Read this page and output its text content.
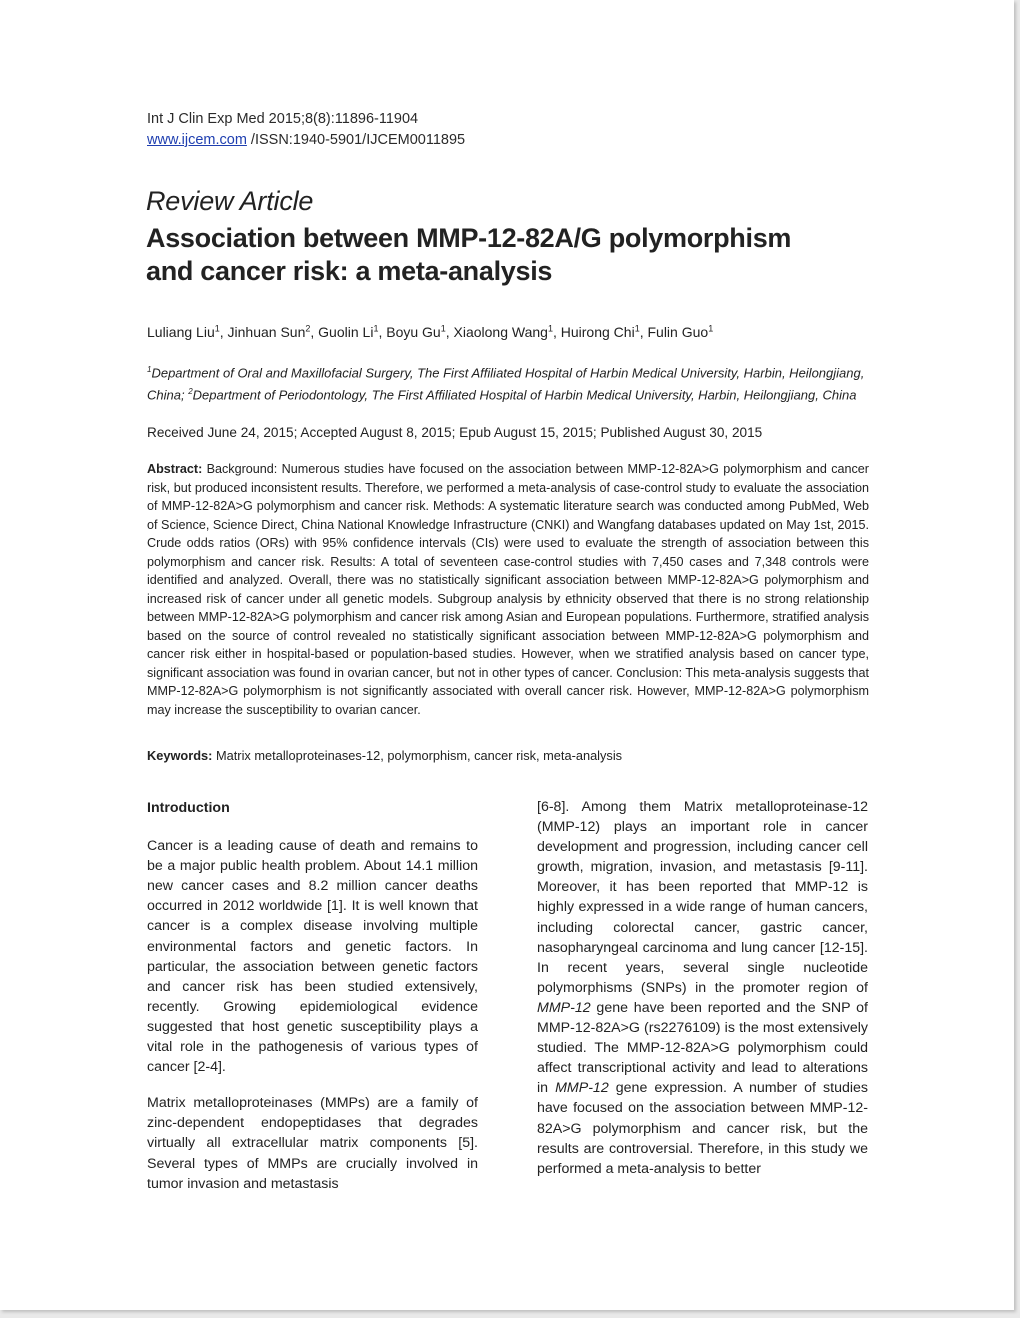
Int J Clin Exp Med 2015;8(8):11896-11904
www.ijcem.com /ISSN:1940-5901/IJCEM0011895
Review Article
Association between MMP-12-82A/G polymorphism
and cancer risk: a meta-analysis
Luliang Liu$^1$, Jinhuan Sun$^2$, Guolin Li$^1$, Boyu Gu$^1$, Xiaolong Wang$^1$, Huirong Chi$^1$, Fulin Guo$^1$
$^1$Department of Oral and Maxillofacial Surgery, The First Affiliated Hospital of Harbin Medical University, Harbin, Heilongjiang, China; $^2$Department of Periodontology, The First Affiliated Hospital of Harbin Medical University, Harbin, Heilongjiang, China
Received June 24, 2015; Accepted August 8, 2015; Epub August 15, 2015; Published August 30, 2015
Abstract: Background: Numerous studies have focused on the association between MMP-12-82A>G polymorphism and cancer risk, but produced inconsistent results. Therefore, we performed a meta-analysis of case-control study to evaluate the association of MMP-12-82A>G polymorphism and cancer risk. Methods: A systematic literature search was conducted among PubMed, Web of Science, Science Direct, China National Knowledge Infrastructure (CNKI) and Wangfang databases updated on May 1st, 2015. Crude odds ratios (ORs) with 95% confidence intervals (CIs) were used to evaluate the strength of association between this polymorphism and cancer risk. Results: A total of seventeen case-control studies with 7,450 cases and 7,348 controls were identified and analyzed. Overall, there was no statistically significant association between MMP-12-82A>G polymorphism and increased risk of cancer under all genetic models. Subgroup analysis by ethnicity observed that there is no strong relationship between MMP-12-82A>G polymorphism and cancer risk among Asian and European populations. Furthermore, stratified analysis based on the source of control revealed no statistically significant association between MMP-12-82A>G polymorphism and cancer risk either in hospital-based or population-based studies. However, when we stratified analysis based on cancer type, significant association was found in ovarian cancer, but not in other types of cancer. Conclusion: This meta-analysis suggests that MMP-12-82A>G polymorphism is not significantly associated with overall cancer risk. However, MMP-12-82A>G polymorphism may increase the susceptibility to ovarian cancer.
Keywords: Matrix metalloproteinases-12, polymorphism, cancer risk, meta-analysis
Introduction

Cancer is a leading cause of death and remains to be a major public health problem. About 14.1 million new cancer cases and 8.2 million cancer deaths occurred in 2012 worldwide [1]. It is well known that cancer is a complex disease involving multiple environmental factors and genetic factors. In particular, the association between genetic factors and cancer risk has been studied extensively, recently. Growing epidemiological evidence suggested that host genetic susceptibility plays a vital role in the pathogenesis of various types of cancer [2-4].

Matrix metalloproteinases (MMPs) are a family of zinc-dependent endopeptidases that degrades virtually all extracellular matrix components [5]. Several types of MMPs are crucially involved in tumor invasion and metastasis

[6-8]. Among them Matrix metalloproteinase-12 (MMP-12) plays an important role in cancer development and progression, including cancer cell growth, migration, invasion, and metastasis [9-11]. Moreover, it has been reported that MMP-12 is highly expressed in a wide range of human cancers, including colorectal cancer, gastric cancer, nasopharyngeal carcinoma and lung cancer [12-15]. In recent years, several single nucleotide polymorphisms (SNPs) in the promoter region of MMP-12 gene have been reported and the SNP of MMP-12-82A>G (rs2276109) is the most extensively studied. The MMP-12-82A>G polymorphism could affect transcriptional activity and lead to alterations in MMP-12 gene expression. A number of studies have focused on the association between MMP-12-82A>G polymorphism and cancer risk, but the results are controversial. Therefore, in this study we performed a meta-analysis to better
